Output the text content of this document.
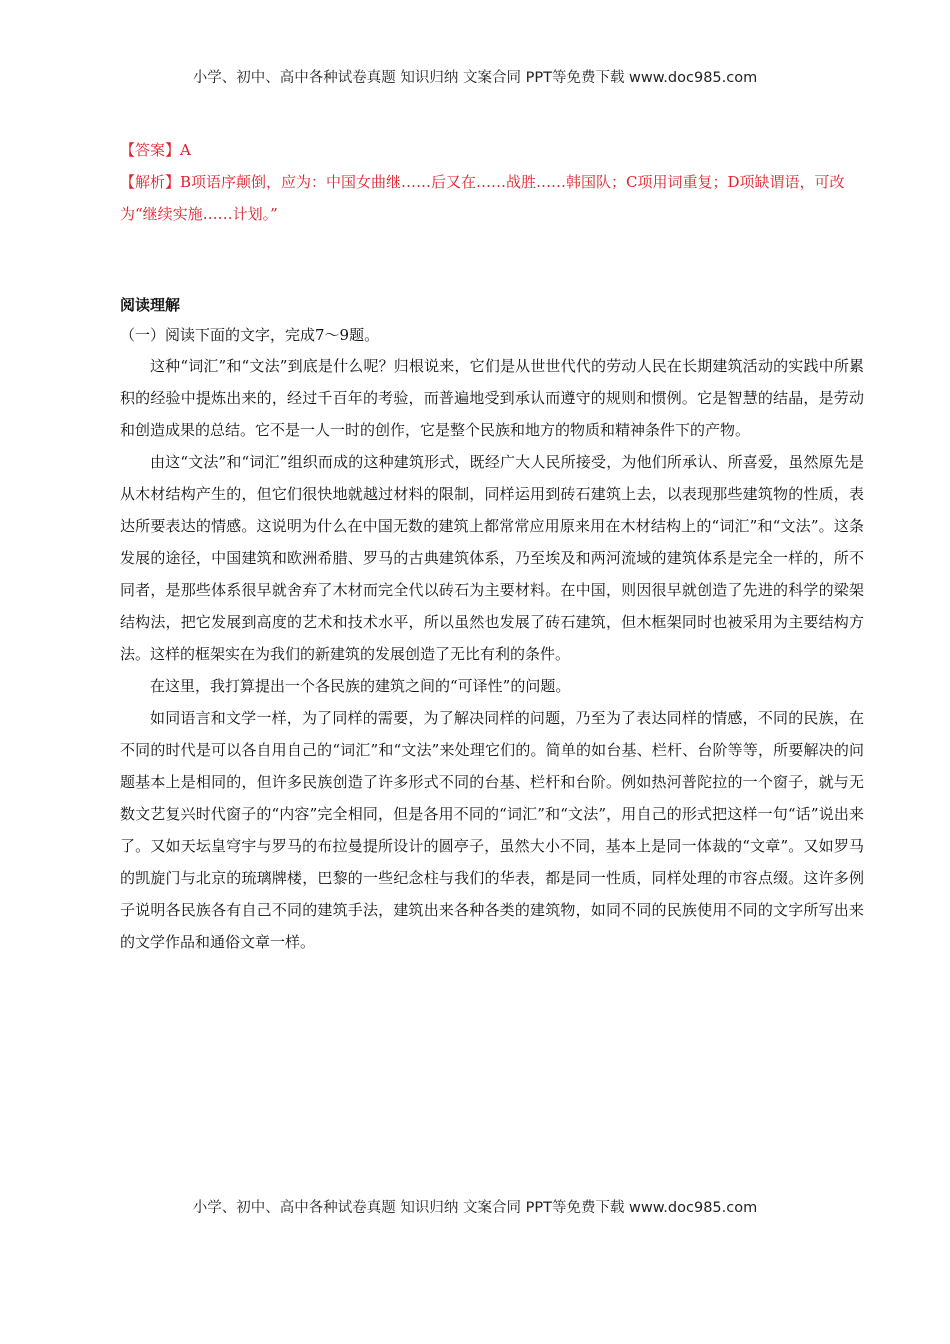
小学、初中、高中各种试卷真题 知识归纳 文案合同 PPT等免费下载 www.doc985.com

【答案】A

【解析】B项语序颠倒，应为：中国女曲继……后又在……战胜……韩国队；C项用词重复；D项缺谓语，可改为“继续实施……计划。”

阅读理解

（一）阅读下面的文字，完成7～9题。

这种“词汇”和“文法”到底是什么呢？归根说来，它们是从世世代代的劳动人民在长期建筑活动的实践中所累积的经验中提炼出来的，经过千百年的考验，而普遍地受到承认而遵守的规则和惯例。它是智慧的结晶，是劳动和创造成果的总结。它不是一人一时的创作，它是整个民族和地方的物质和精神条件下的产物。

由这“文法”和“词汇”组织而成的这种建筑形式，既经广大人民所接受，为他们所承认、所喜爱，虽然原先是从木材结构产生的，但它们很快地就越过材料的限制，同样运用到砖石建筑上去，以表现那些建筑物的性质，表达所要表达的情感。这说明为什么在中国无数的建筑上都常常应用原来用在木材结构上的“词汇”和“文法”。这条发展的途径，中国建筑和欧洲希腊、罗马的古典建筑体系，乃至埃及和两河流域的建筑体系是完全一样的，所不同者，是那些体系很早就舍弃了木材而完全代以砖石为主要材料。在中国，则因很早就创造了先进的科学的梁架结构法，把它发展到高度的艺术和技术水平，所以虽然也发展了砖石建筑，但木框架同时也被采用为主要结构方法。这样的框架实在为我们的新建筑的发展创造了无比有利的条件。

在这里，我打算提出一个各民族的建筑之间的“可译性”的问题。

如同语言和文学一样，为了同样的需要，为了解决同样的问题，乃至为了表达同样的情感，不同的民族，在不同的时代是可以各自用自己的“词汇”和“文法”来处理它们的。简单的如台基、栏杆、台阶等等，所要解决的问题基本上是相同的，但许多民族创造了许多形式不同的台基、栏杆和台阶。例如热河普陀拉的一个窗子，就与无数文艺复兴时代窗子的“内容”完全相同，但是各用不同的“词汇”和“文法”，用自己的形式把这样一句“话”说出来了。又如天坛皇穹宇与罗马的布拉曼提所设计的圆亭子，虽然大小不同，基本上是同一体裁的“文章”。又如罗马的凯旋门与北京的琉璃牌楼，巴黎的一些纪念柱与我们的华表，都是同一性质，同样处理的市容点缀。这许多例子说明各民族各有自己不同的建筑手法，建筑出来各种各类的建筑物，如同不同的民族使用不同的文字所写出来的文学作品和通俗文章一样。

小学、初中、高中各种试卷真题 知识归纳 文案合同 PPT等免费下载 www.doc985.com
